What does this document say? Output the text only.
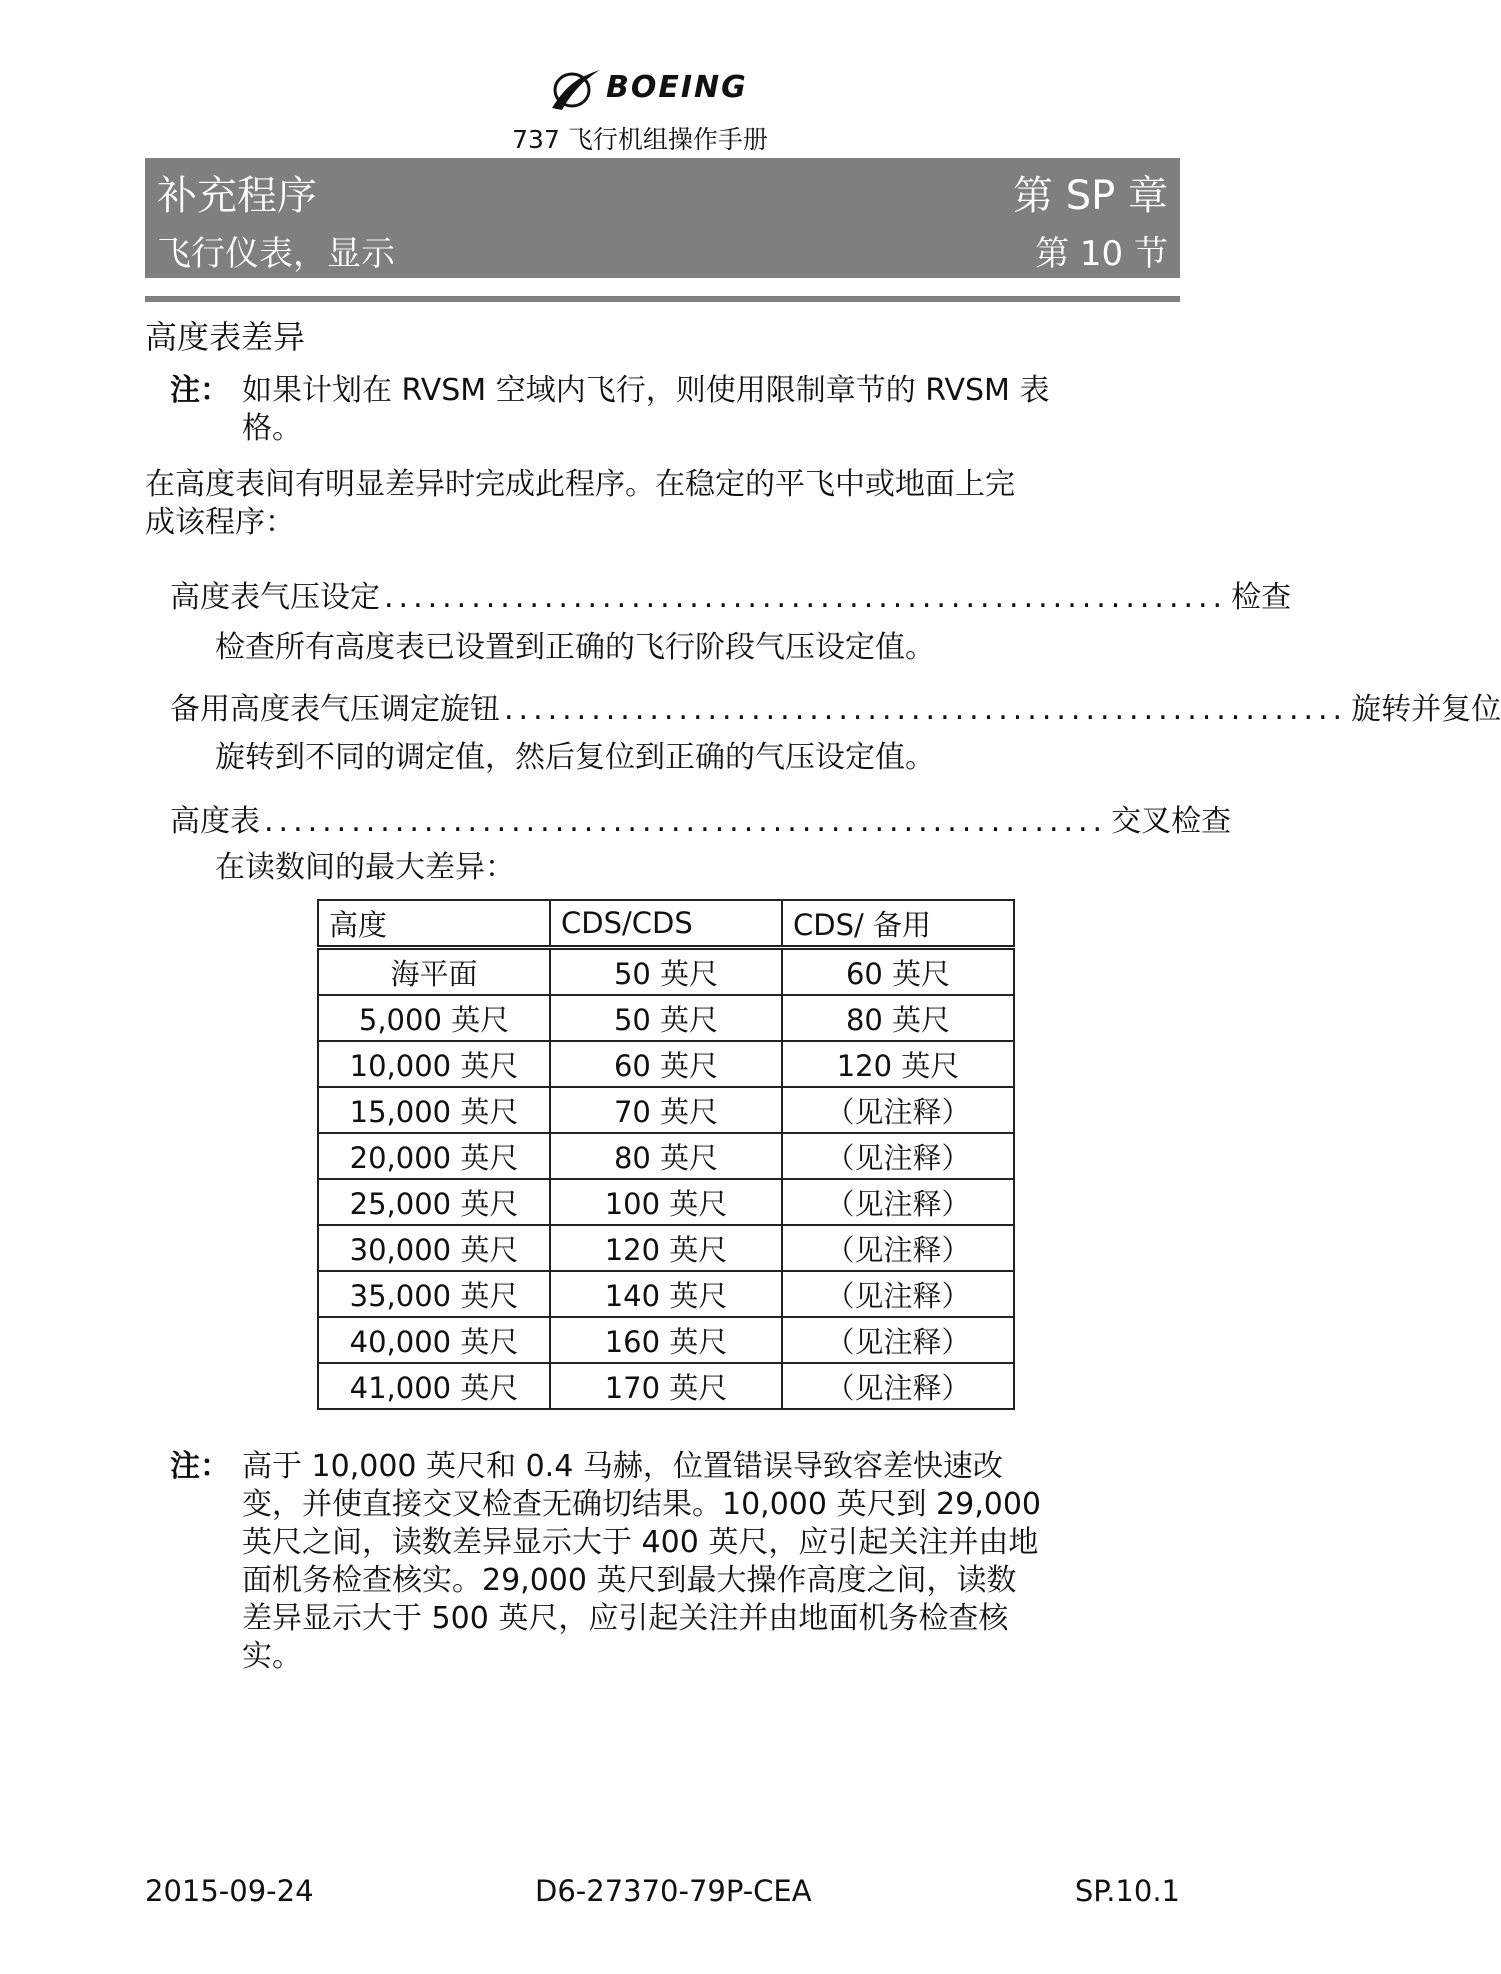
BOEING
737 飞行机组操作手册
补充程序	第 SP 章
飞行仪表，显示	第 10 节
高度表差异
注： 如果计划在 RVSM 空域内飞行，则使用限制章节的 RVSM 表
格。
在高度表间有明显差异时完成此程序。在稳定的平飞中或地面上完
成该程序：
高度表气压设定 .......................................................... 检查
检查所有高度表已设置到正确的飞行阶段气压设定值。
备用高度表气压调定旋钮 .......................................................... 旋转并复位
旋转到不同的调定值，然后复位到正确的气压设定值。
高度表 .......................................................... 交叉检查
在读数间的最大差异：
高度	CDS/CDS	CDS/ 备用
海平面	50 英尺	60 英尺
5,000 英尺	50 英尺	80 英尺
10,000 英尺	60 英尺	120 英尺
15,000 英尺	70 英尺	（见注释）
20,000 英尺	80 英尺	（见注释）
25,000 英尺	100 英尺	（见注释）
30,000 英尺	120 英尺	（见注释）
35,000 英尺	140 英尺	（见注释）
40,000 英尺	160 英尺	（见注释）
41,000 英尺	170 英尺	（见注释）
注： 高于 10,000 英尺和 0.4 马赫，位置错误导致容差快速改
变，并使直接交叉检查无确切结果。10,000 英尺到 29,000
英尺之间，读数差异显示大于 400 英尺，应引起关注并由地
面机务检查核实。29,000 英尺到最大操作高度之间，读数
差异显示大于 500 英尺，应引起关注并由地面机务检查核
实。
2015-09-24	D6-27370-79P-CEA	SP.10.1
